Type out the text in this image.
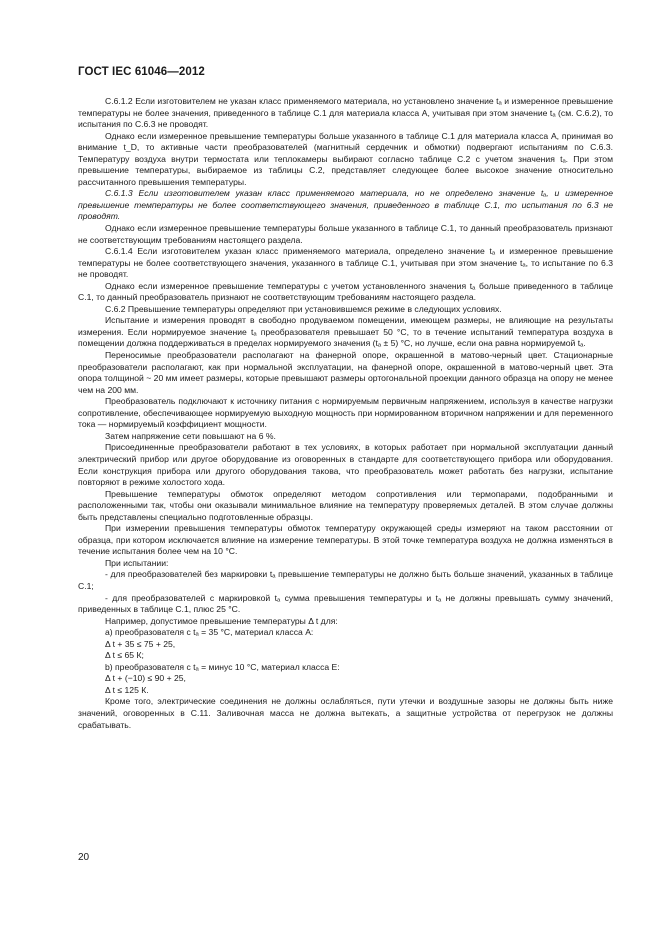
ГОСТ IEC 61046—2012

С.6.1.2 Если изготовителем не указан класс применяемого материала, но установлено значение tₐ и измеренное превышение температуры не более значения, приведенного в таблице С.1 для материала класса А, учитывая при этом значение tₐ (см. С.6.2), то испытания по С.6.3 не проводят.

Однако если измеренное превышение температуры больше указанного в таблице С.1 для материала класса А, принимая во внимание t_D, то активные части преобразователей (магнитный сердечник и обмотки) подвергают испытаниям по С.6.3. Температуру воздуха внутри термостата или теплокамеры выбирают согласно таблице С.2 с учетом значения tₐ. При этом превышение температуры, выбираемое из таблицы С.2, представляет следующее более высокое значение относительно рассчитанного превышения температуры.

С.6.1.3 Если изготовителем указан класс применяемого материала, но не определено значение tₐ, и измеренное превышение температуры не более соответствующего значения, приведенного в таблице С.1, то испытания по 6.3 не проводят.

Однако если измеренное превышение температуры больше указанного в таблице С.1, то данный преобразователь признают не соответствующим требованиям настоящего раздела.

С.6.1.4 Если изготовителем указан класс применяемого материала, определено значение tₐ и измеренное превышение температуры не более соответствующего значения, указанного в таблице С.1, учитывая при этом значение tₐ, то испытание по 6.3 не проводят.

Однако если измеренное превышение температуры с учетом установленного значения tₐ больше приведенного в таблице С.1, то данный преобразователь признают не соответствующим требованиям настоящего раздела.

С.6.2 Превышение температуры определяют при установившемся режиме в следующих условиях.

Испытание и измерения проводят в свободно продуваемом помещении, имеющем размеры, не влияющие на результаты измерения. Если нормируемое значение tₐ преобразователя превышает 50 °С, то в течение испытаний температура воздуха в помещении должна поддерживаться в пределах нормируемого значения (tₐ ± 5) °С, но лучше, если она равна нормируемой tₐ.

Переносимые преобразователи располагают на фанерной опоре, окрашенной в матово-черный цвет. Стационарные преобразователи располагают, как при нормальной эксплуатации, на фанерной опоре, окрашенной в матово-черный цвет. Эта опора толщиной ~ 20 мм имеет размеры, которые превышают размеры ортогональной проекции данного образца на опору не менее чем на 200 мм.

Преобразователь подключают к источнику питания с нормируемым первичным напряжением, используя в качестве нагрузки сопротивление, обеспечивающее нормируемую выходную мощность при нормированном вторичном напряжении и для переменного тока — нормируемый коэффициент мощности.

Затем напряжение сети повышают на 6 %.

Присоединенные преобразователи работают в тех условиях, в которых работает при нормальной эксплуатации данный электрический прибор или другое оборудование из оговоренных в стандарте для соответствующего прибора или оборудования. Если конструкция прибора или другого оборудования такова, что преобразователь может работать без нагрузки, испытание повторяют в режиме холостого хода.

Превышение температуры обмоток определяют методом сопротивления или термопарами, подобранными и расположенными так, чтобы они оказывали минимальное влияние на температуру проверяемых деталей. В этом случае должны быть представлены специально подготовленные образцы.

При измерении превышения температуры обмоток температуру окружающей среды измеряют на таком расстоянии от образца, при котором исключается влияние на измерение температуры. В этой точке температура воздуха не должна изменяться в течение испытания более чем на 10 °С.

При испытании:

- для преобразователей без маркировки tₐ превышение температуры не должно быть больше значений, указанных в таблице С.1;

- для преобразователей с маркировкой tₐ сумма превышения температуры и tₐ не должны превышать сумму значений, приведенных в таблице С.1, плюс 25 °С.

Например, допустимое превышение температуры Δ t для:

a) преобразователя с tₐ = 35 °С, материал класса А:

Δ t + 35 ≤ 75 + 25,

Δ t ≤ 65 К;

b) преобразователя с tₐ = минус 10 °С, материал класса Е:

Δ t + (−10) ≤ 90 + 25,

Δ t ≤ 125 К.

Кроме того, электрические соединения не должны ослабляться, пути утечки и воздушные зазоры не должны быть ниже значений, оговоренных в С.11. Заливочная масса не должна вытекать, а защитные устройства от перегрузок не должны срабатывать.

20
